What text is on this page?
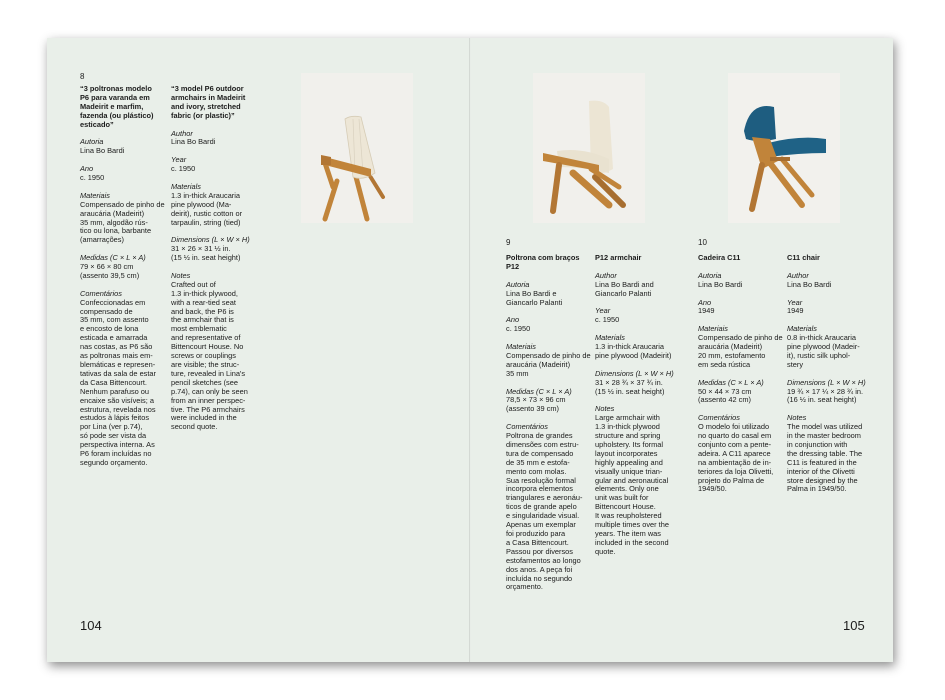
8

“3 poltronas modelo

P6 para varanda em

Madeirit e marfim,

fazenda (ou plástico)

esticado”

Autoria

Lina Bo Bardi

Ano

c. 1950

Materiais

Compensado de pinho de

araucária (Madeirit)

35 mm, algodão rús-

tico ou lona, barbante

(amarrações)

Medidas (C × L × A)

79 × 66 × 80 cm

(assento 39,5 cm)

Comentários

Confeccionadas em

compensado de

35 mm, com assento

e encosto de lona

esticada e amarrada

nas costas, as P6 são

as poltronas mais em-

blemáticas e represen-

tativas da sala de estar

da Casa Bittencourt.

Nenhum parafuso ou

encaixe são visíveis; a

estrutura, revelada nos

estudos à lápis feitos

por Lina (ver p.74),

só pode ser vista da

perspectiva interna. As

P6 foram incluídas no

segundo orçamento.

“3 model P6 outdoor

armchairs in Madeirit

and ivory, stretched

fabric (or plastic)”

Author

Lina Bo Bardi

Year

c. 1950

Materials

1.3 in-thick Araucaria

pine plywood (Ma-

deirit), rustic cotton or

tarpaulin, string (tied)

Dimensions (L × W × H)

31 × 26 × 31 ½ in.

(15 ½ in. seat height)

Notes

Crafted out of

1.3 in-thick plywood,

with a rear-tied seat

and back, the P6 is

the armchair that is

most emblematic

and representative of

Bittencourt House. No

screws or couplings

are visible; the struc-

ture, revealed in Lina's

pencil sketches (see

p.74), can only be seen

from an inner perspec-

tive. The P6 armchairs

were included in the

second quote.

104
9

Poltrona com braços

P12

Autoria

Lina Bo Bardi e

Giancarlo Palanti

Ano

c. 1950

Materiais

Compensado de pinho de

araucária (Madeirit)

35 mm

Medidas (C × L × A)

78,5 × 73 × 96 cm

(assento 39 cm)

Comentários

Poltrona de grandes

dimensões com estru-

tura de compensado

de 35 mm e estofa-

mento com molas.

Sua resolução formal

incorpora elementos

triangulares e aeronáu-

ticos de grande apelo

e singularidade visual.

Apenas um exemplar

foi produzido para

a Casa Bittencourt.

Passou por diversos

estofamentos ao longo

dos anos. A peça foi

incluída no segundo

orçamento.

P12 armchair

Author

Lina Bo Bardi and

Giancarlo Palanti

Year

c. 1950

Materials

1.3 in-thick Araucaria

pine plywood (Madeirit)

Dimensions (L × W × H)

31 × 28 ¾ × 37 ¾ in.

(15 ½ in. seat height)

Notes

Large armchair with

1.3 in-thick plywood

structure and spring

upholstery. Its formal

layout incorporates

highly appealing and

visually unique trian-

gular and aeronautical

elements. Only one

unit was built for

Bittencourt House.

It was reupholstered

multiple times over the

years. The item was

included in the second

quote.

10

Cadeira C11

Autoria

Lina Bo Bardi

Ano

1949

Materiais

Compensado de pinho de

araucária (Madeirit)

20 mm, estofamento

em seda rústica

Medidas (C × L × A)

50 × 44 × 73 cm

(assento 42 cm)

Comentários

O modelo foi utilizado

no quarto do casal em

conjunto com a pente-

adeira. A C11 aparece

na ambientação de in-

teriores da loja Olivetti,

projeto do Palma de

1949/50.

C11 chair

Author

Lina Bo Bardi

Year

1949

Materials

0.8 in-thick Araucaria

pine plywood (Madeir-

it), rustic silk uphol-

stery

Dimensions (L × W × H)

19 ¾ × 17 ¼ × 28 ¾ in.

(16 ½ in. seat height)

Notes

The model was utilized

in the master bedroom

in conjunction with

the dressing table. The

C11 is featured in the

interior of the Olivetti

store designed by the

Palma in 1949/50.

105
